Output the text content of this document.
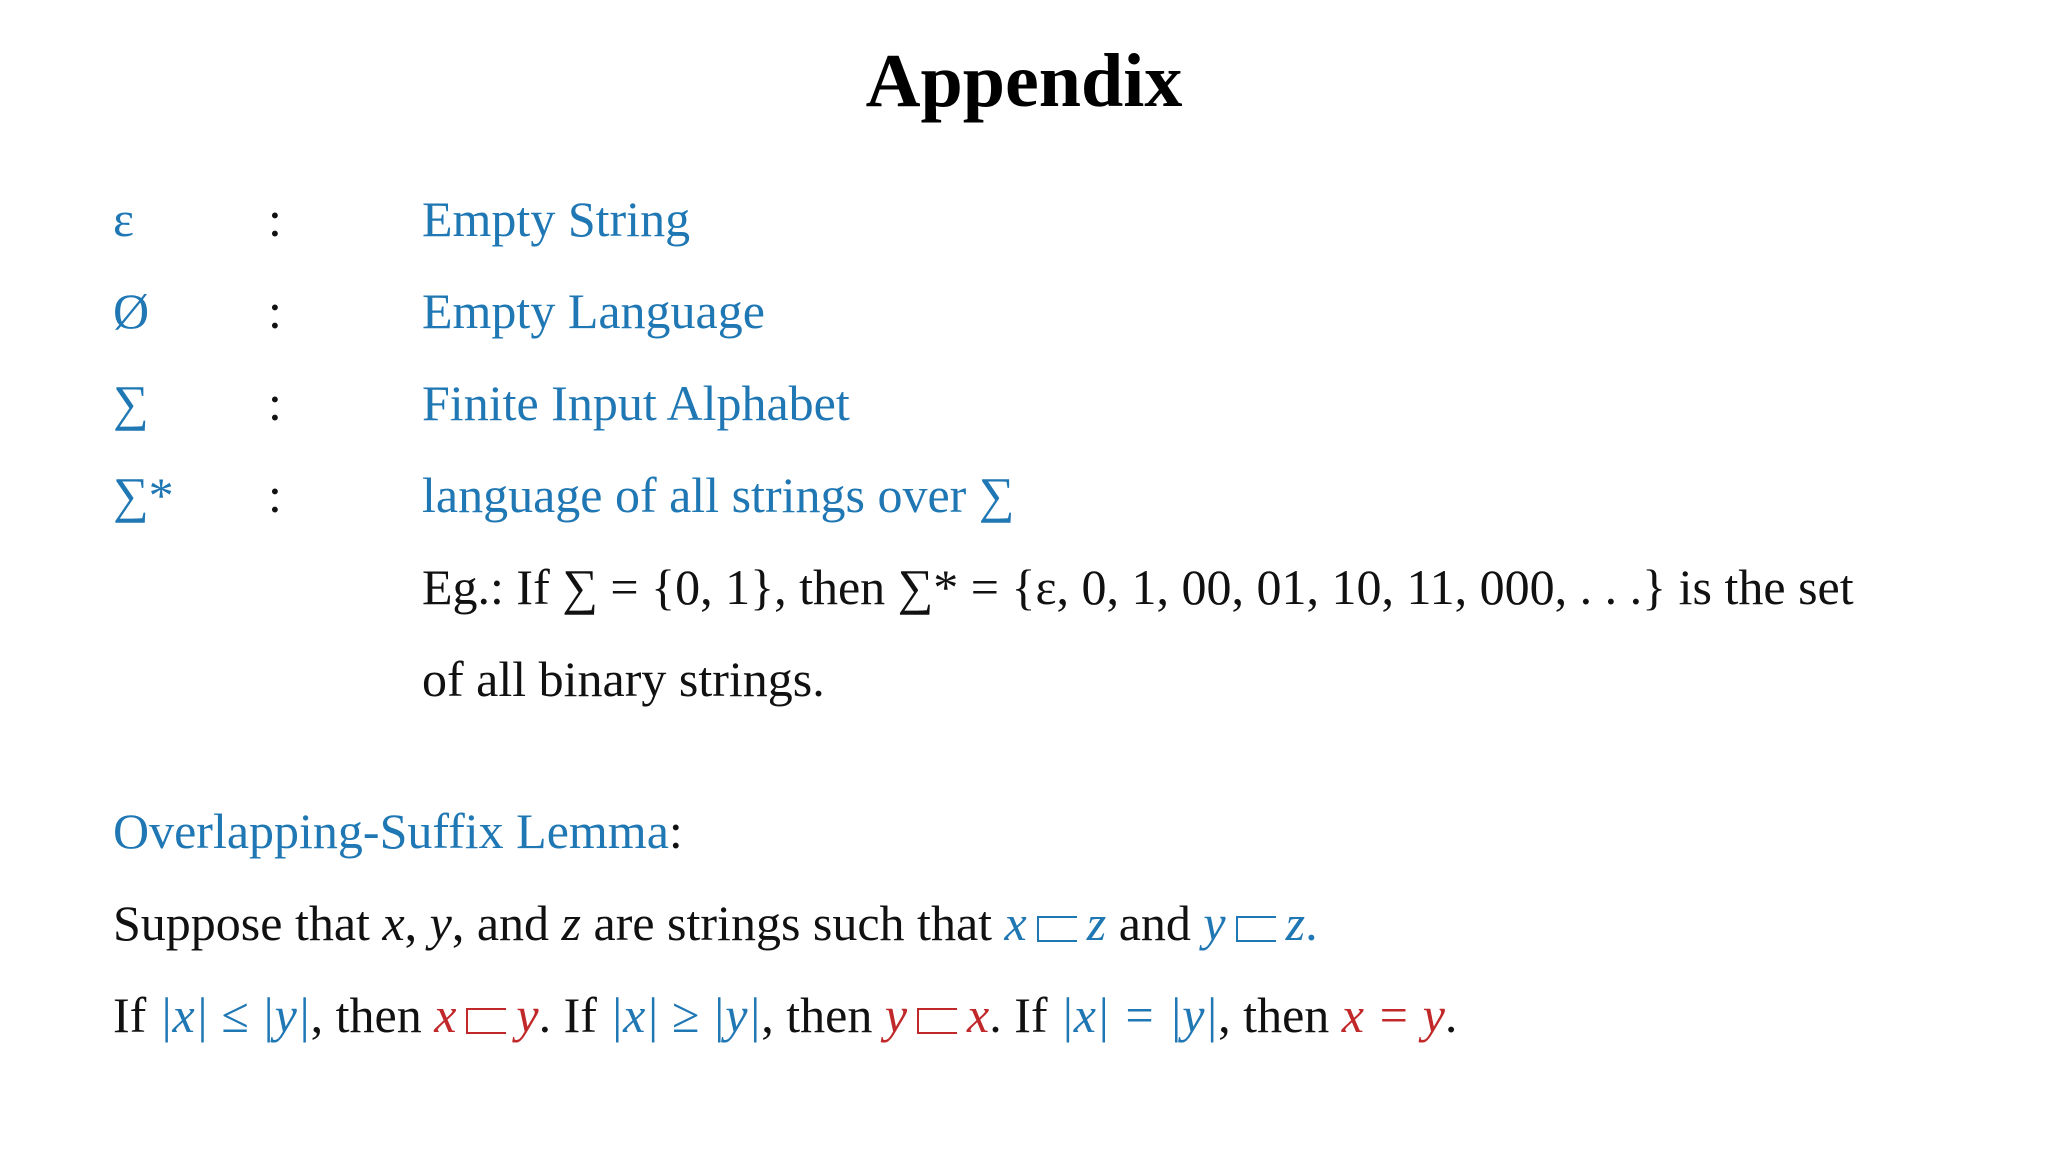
Appendix
ε	:	Empty String
Ø :	Empty Language
∑ :	Finite Input Alphabet
∑* :	language of all strings over ∑
Eg.: If ∑ = {0, 1}, then ∑* = {ε, 0, 1, 00, 01, 10, 11, 000, . . .} is the set
of all binary strings.
Overlapping-Suffix Lemma:
Suppose that x, y, and z are strings such that x z and y z.
If |x| ≤ |y|, then x y. If |x| ≥ |y|, then y x. If |x| = |y|, then x = y.
